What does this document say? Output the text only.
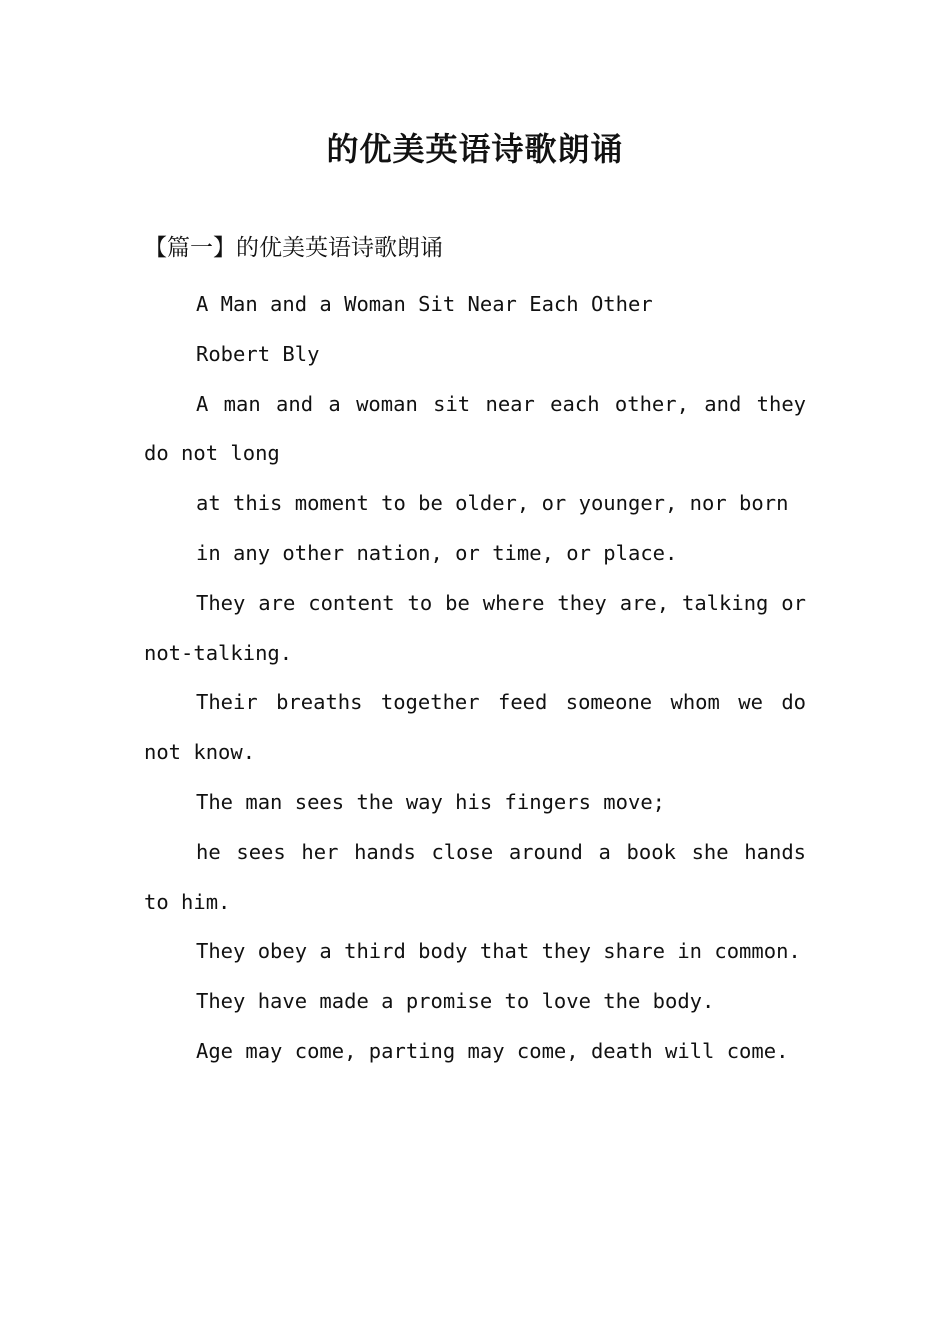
的优美英语诗歌朗诵
【篇一】的优美英语诗歌朗诵

A Man and a Woman Sit Near Each Other

Robert Bly

A man and a woman sit near each other, and they do not long

at this moment to be older, or younger, nor born

in any other nation, or time, or place.

They are content to be where they are, talking or not-talking.

Their breaths together feed someone whom we do not know.

The man sees the way his fingers move;

he sees her hands close around a book she hands to him.

They obey a third body that they share in common.

They have made a promise to love the body.

Age may come, parting may come, death will come.
